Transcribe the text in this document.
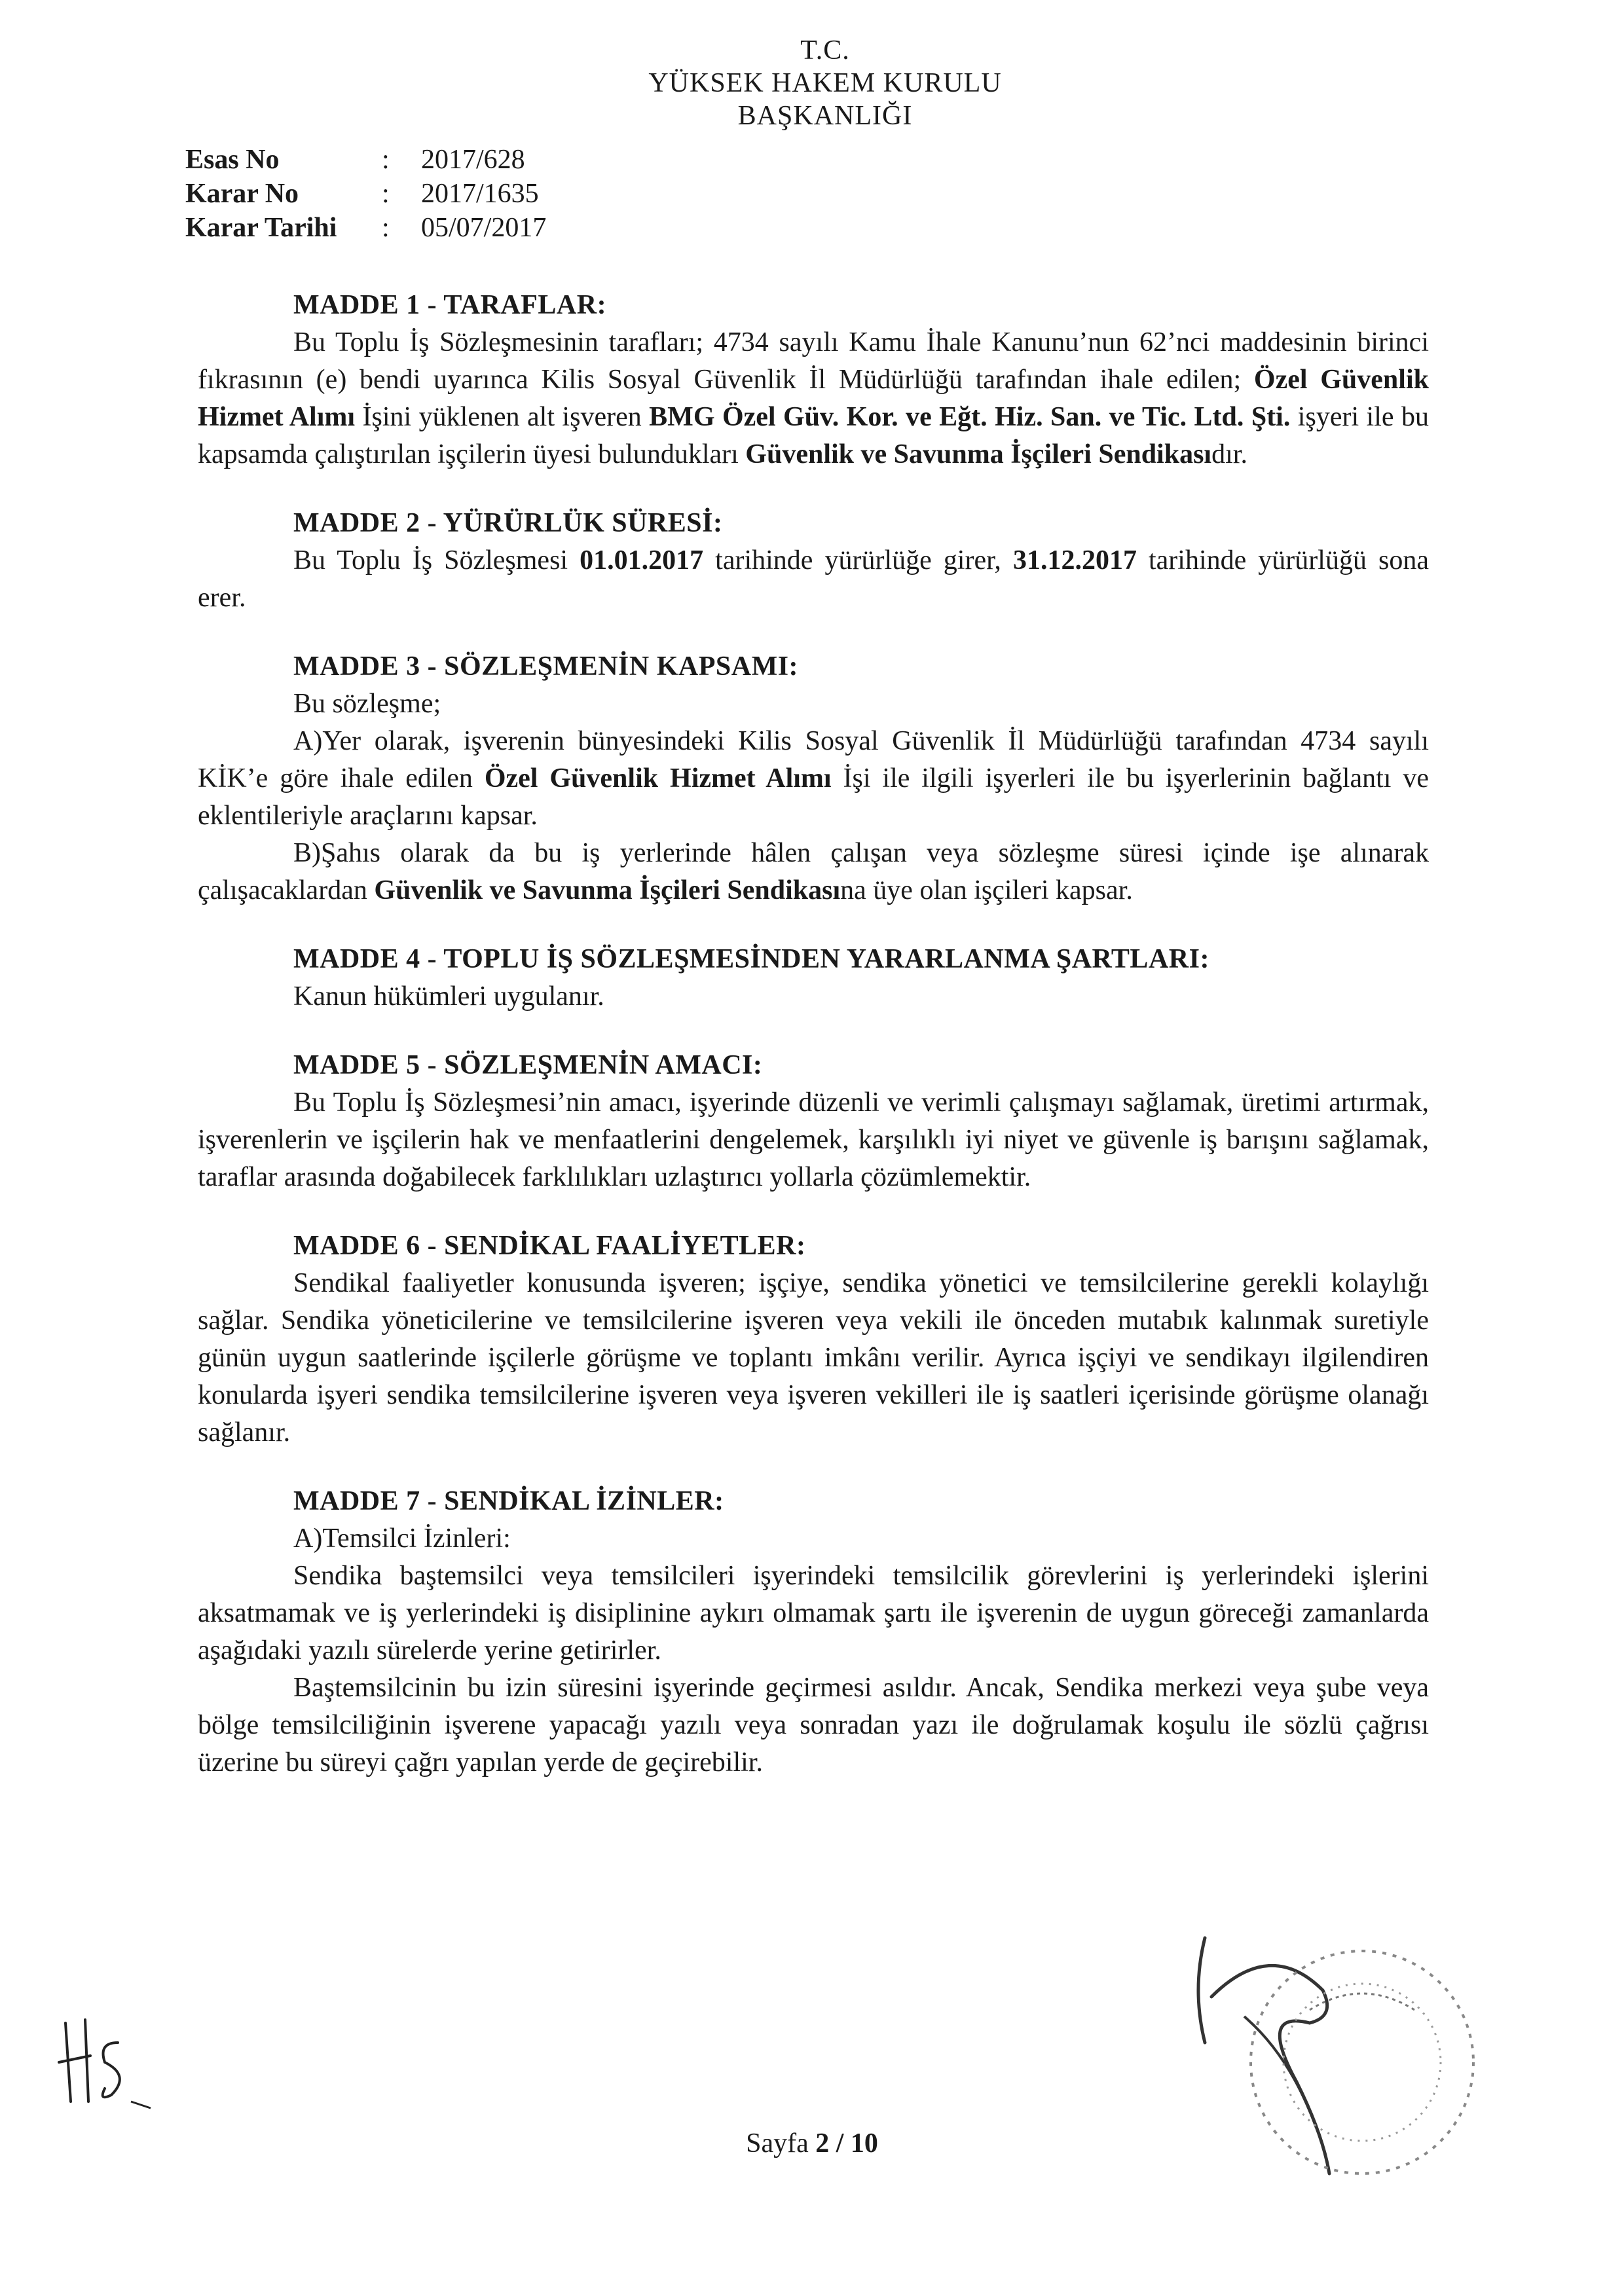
T.C.
YÜKSEK HAKEM KURULU
BAŞKANLIĞI
Esas No	:	2017/628
Karar No	:	2017/1635
Karar Tarihi	:	05/07/2017
MADDE 1 - TARAFLAR:

Bu Toplu İş Sözleşmesinin tarafları; 4734 sayılı Kamu İhale Kanunu’nun 62’nci maddesinin birinci fıkrasının (e) bendi uyarınca Kilis Sosyal Güvenlik İl Müdürlüğü tarafından ihale edilen; Özel Güvenlik Hizmet Alımı İşini yüklenen alt işveren BMG Özel Güv. Kor. ve Eğt. Hiz. San. ve Tic. Ltd. Şti. işyeri ile bu kapsamda çalıştırılan işçilerin üyesi bulundukları Güvenlik ve Savunma İşçileri Sendikasıdır.

MADDE 2 - YÜRÜRLÜK SÜRESİ:

Bu Toplu İş Sözleşmesi 01.01.2017 tarihinde yürürlüğe girer, 31.12.2017 tarihinde yürürlüğü sona erer.

MADDE 3 - SÖZLEŞMENİN KAPSAMI:

Bu sözleşme;

A)Yer olarak, işverenin bünyesindeki Kilis Sosyal Güvenlik İl Müdürlüğü tarafından 4734 sayılı KİK’e göre ihale edilen Özel Güvenlik Hizmet Alımı İşi ile ilgili işyerleri ile bu işyerlerinin bağlantı ve eklentileriyle araçlarını kapsar.

B)Şahıs olarak da bu iş yerlerinde hâlen çalışan veya sözleşme süresi içinde işe alınarak çalışacaklardan Güvenlik ve Savunma İşçileri Sendikasına üye olan işçileri kapsar.

MADDE 4 - TOPLU İŞ SÖZLEŞMESİNDEN YARARLANMA ŞARTLARI:

Kanun hükümleri uygulanır.

MADDE 5 - SÖZLEŞMENİN AMACI:

Bu Toplu İş Sözleşmesi’nin amacı, işyerinde düzenli ve verimli çalışmayı sağlamak, üretimi artırmak, işverenlerin ve işçilerin hak ve menfaatlerini dengelemek, karşılıklı iyi niyet ve güvenle iş barışını sağlamak, taraflar arasında doğabilecek farklılıkları uzlaştırıcı yollarla çözümlemektir.

MADDE 6 - SENDİKAL FAALİYETLER:

Sendikal faaliyetler konusunda işveren; işçiye, sendika yönetici ve temsilcilerine gerekli kolaylığı sağlar. Sendika yöneticilerine ve temsilcilerine işveren veya vekili ile önceden mutabık kalınmak suretiyle günün uygun saatlerinde işçilerle görüşme ve toplantı imkânı verilir. Ayrıca işçiyi ve sendikayı ilgilendiren konularda işyeri sendika temsilcilerine işveren veya işveren vekilleri ile iş saatleri içerisinde görüşme olanağı sağlanır.

MADDE 7 - SENDİKAL İZİNLER:

A)Temsilci İzinleri:

Sendika baştemsilci veya temsilcileri işyerindeki temsilcilik görevlerini iş yerlerindeki işlerini aksatmamak ve iş yerlerindeki iş disiplinine aykırı olmamak şartı ile işverenin de uygun göreceği zamanlarda aşağıdaki yazılı sürelerde yerine getirirler.

Baştemsilcinin bu izin süresini işyerinde geçirmesi asıldır. Ancak, Sendika merkezi veya şube veya bölge temsilciliğinin işverene yapacağı yazılı veya sonradan yazı ile doğrulamak koşulu ile sözlü çağrısı üzerine bu süreyi çağrı yapılan yerde de geçirebilir.

Sayfa 2 / 10
